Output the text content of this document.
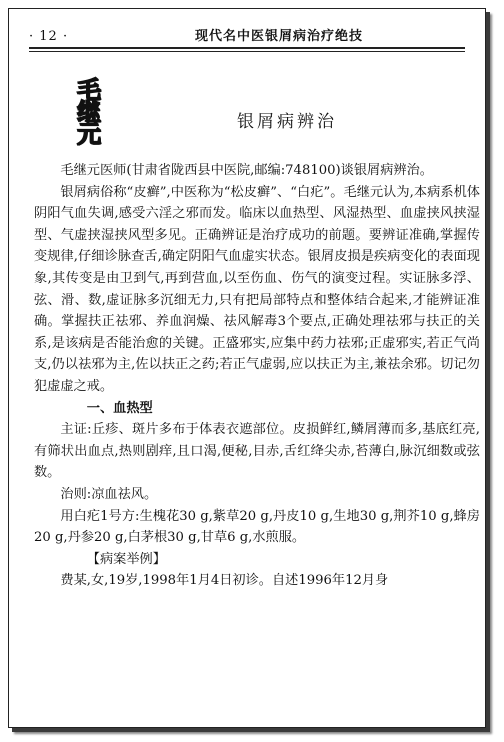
· 12 ·	现代名中医银屑病治疗绝技
毛
继
元	银屑病辨治

毛继元医师(甘肃省陇西县中医院,邮编:748100)谈银屑病辨治。

银屑病俗称“皮癣”,中医称为“松皮癣”、“白疕”。毛继元认为,本病系机体阴阳气血失调,感受六淫之邪而发。临床以血热型、风湿热型、血虚挟风挟湿型、气虚挟湿挟风型多见。正确辨证是治疗成功的前题。要辨证准确,掌握传变规律,仔细诊脉查舌,确定阴阳气血虚实状态。银屑皮损是疾病变化的表面现象,其传变是由卫到气,再到营血,以至伤血、伤气的演变过程。实证脉多浮、弦、滑、数,虚证脉多沉细无力,只有把局部特点和整体结合起来,才能辨证准确。掌握扶正祛邪、养血润燥、祛风解毒3个要点,正确处理祛邪与扶正的关系,是该病是否能治愈的关键。正盛邪实,应集中药力祛邪;正虚邪实,若正气尚支,仍以祛邪为主,佐以扶正之药;若正气虚弱,应以扶正为主,兼祛余邪。切记勿犯虚虚之戒。

一、血热型

主证:丘疹、斑片多布于体表衣遮部位。皮损鲜红,鳞屑薄而多,基底红亮,有筛状出血点,热则剧痒,且口渴,便秘,目赤,舌红绛尖赤,苔薄白,脉沉细数或弦数。

治则:凉血祛风。

用白疕1号方:生槐花30 g,紫草20 g,丹皮10 g,生地30 g,荆芥10 g,蜂房20 g,丹参20 g,白茅根30 g,甘草6 g,水煎服。

【病案举例】

费某,女,19岁,1998年1月4日初诊。自述1996年12月身
